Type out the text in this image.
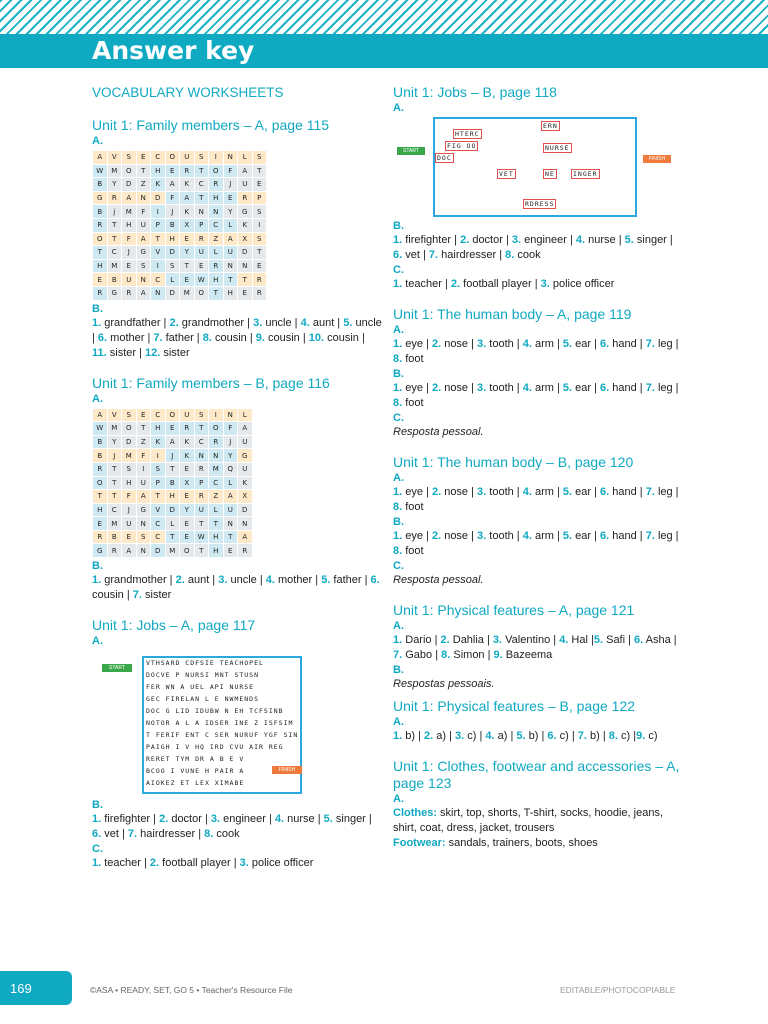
Answer key

VOCABULARY WORKSHEETS

Unit 1: Family members – A, page 115

A.
A	V	S	E	C	O	U	S	I	N	L	S
W	M	O	T	H	E	R	T	O	F	A	T
B	Y	D	Z	K	A	K	C	R	J	U	E
G	R	A	N	D	F	A	T	H	E	R	P
B	j	M	F	I	J	K	N	N	Y	G	S
R	T	H	U	P	B	X	P	C	L	K	I
O	T	F	A	T	H	E	R	Z	A	X	S
T	C	J	G	V	D	Y	U	L	U	D	T
H	M	E	S	I	S	T	E	R	N	N	E
E	B	U	N	C	L	E	W	H	T	T	R
R	G	R	A	N	D	M	O	T	H	E	R
B.

1. grandfather | 2. grandmother | 3. uncle | 4. aunt | 5. uncle | 6. mother | 7. father | 8. cousin | 9. cousin | 10. cousin | 11. sister | 12. sister

Unit 1: Family members – B, page 116

A.
A	V	S	E	C	O	U	S	I	N	L
W	M	O	T	H	E	R	T	O	F	A
B	Y	D	Z	K	A	K	C	R	J	U
B	J	M	F	I	J	K	N	N	Y	G
R	T	S	I	S	T	E	R	M	Q	U
O	T	H	U	P	B	X	P	C	L	K
T	T	F	A	T	H	E	R	Z	A	X
H	C	J	G	V	D	Y	U	L	U	D
E	M	U	N	C	L	E	T	T	N	N
R	B	E	S	C	T	E	W	H	T	A
G	R	A	N	D	M	O	T	H	E	R
B.

1. grandmother | 2. aunt | 3. uncle | 4. mother | 5. father | 6. cousin | 7. sister

Unit 1: Jobs – A, page 117

A.
START
VTHSARD CDFSIE TEACHOPEL
DOCVE P NURSI MNT STUSN
FER WN A UEL API NURSE
GEC FIRELAN L E NWMENDS
DOC G LID IDUBW N EH TCFSINB
NOTOR A L A IDSER INE Z ISFSIM
T FERIF ENT C SER NURUF YGF SIN
PAIGH I V HQ IRD CVU AIR REG
RERET TYM DR A B E V
BCOO I VUNE H PAIR A
AIOKEZ ET LEX XIMABE
FINISH
B.

1. firefighter | 2. doctor | 3. engineer | 4. nurse | 5. singer | 6. vet | 7. hairdresser | 8. cook

C.

1. teacher | 2. football player | 3. police officer

Unit 1: Jobs – B, page 118

A.
START
HTERC
ERN
FIG OO	NURSE
DOC
VET	NE	INGER
RDRESS
FINISH
B.

1. firefighter | 2. doctor | 3. engineer | 4. nurse | 5. singer | 6. vet | 7. hairdresser | 8. cook

C.

1. teacher | 2. football player | 3. police officer

Unit 1: The human body – A, page 119

A.

1. eye | 2. nose | 3. tooth | 4. arm | 5. ear | 6. hand | 7. leg | 8. foot

B.

1. eye | 2. nose | 3. tooth | 4. arm | 5. ear | 6. hand | 7. leg | 8. foot

C.

Resposta pessoal.

Unit 1: The human body – B, page 120

A.

1. eye | 2. nose | 3. tooth | 4. arm | 5. ear | 6. hand | 7. leg | 8. foot

B.

1. eye | 2. nose | 3. tooth | 4. arm | 5. ear | 6. hand | 7. leg | 8. foot

C.

Resposta pessoal.

Unit 1: Physical features – A, page 121

A.

1. Dario | 2. Dahlia | 3. Valentino | 4. Hal |5. Safi | 6. Asha | 7. Gabo | 8. Simon | 9. Bazeema

B.

Respostas pessoais.

Unit 1: Physical features – B, page 122

A.

1. b) | 2. a) | 3. c) | 4. a) | 5. b) | 6. c) | 7. b) | 8. c) |9. c)

Unit 1: Clothes, footwear and accessories – A, page 123

A.

Clothes: skirt, top, shorts, T-shirt, socks, hoodie, jeans, shirt, coat, dress, jacket, trousers

Footwear: sandals, trainers, boots, shoes

169	©ASA • READY, SET, GO 5 • Teacher's Resource File	EDITABLE/PHOTOCOPIABLE
